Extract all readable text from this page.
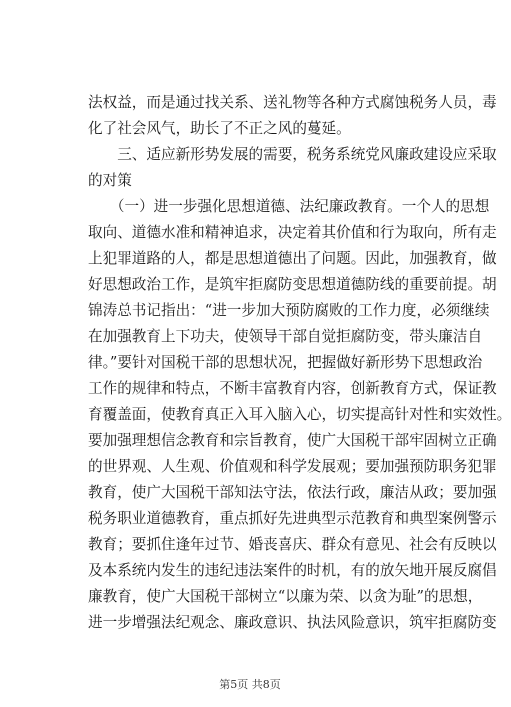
法权益，而是通过找关系、送礼物等各种方式腐蚀税务人员，毒
化了社会风气，助长了不正之风的蔓延。
　　三、适应新形势发展的需要，税务系统党风廉政建设应采取
的对策
　　（一）进一步强化思想道德、法纪廉政教育。一个人的思想
取向、道德水准和精神追求，决定着其价值和行为取向，所有走
上犯罪道路的人，都是思想道德出了问题。因此，加强教育，做
好思想政治工作，是筑牢拒腐防变思想道德防线的重要前提。胡
锦涛总书记指出：“进一步加大预防腐败的工作力度，必须继续
在加强教育上下功夫，使领导干部自觉拒腐防变，带头廉洁自
律。”要针对国税干部的思想状况，把握做好新形势下思想政治
工作的规律和特点，不断丰富教育内容，创新教育方式，保证教
育覆盖面，使教育真正入耳入脑入心，切实提高针对性和实效性。
要加强理想信念教育和宗旨教育，使广大国税干部牢固树立正确
的世界观、人生观、价值观和科学发展观；要加强预防职务犯罪
教育，使广大国税干部知法守法，依法行政，廉洁从政；要加强
税务职业道德教育，重点抓好先进典型示范教育和典型案例警示
教育；要抓住逢年过节、婚丧喜庆、群众有意见、社会有反映以
及本系统内发生的违纪违法案件的时机，有的放矢地开展反腐倡
廉教育，使广大国税干部树立“以廉为荣、以贪为耻”的思想，
进一步增强法纪观念、廉政意识、执法风险意识，筑牢拒腐防变
第5页 共8页
